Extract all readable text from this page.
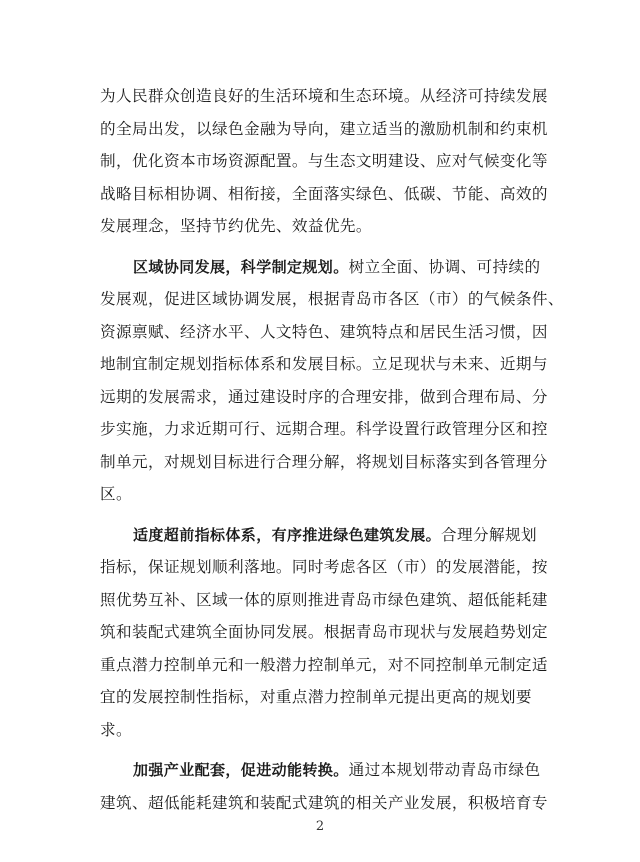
为人民群众创造良好的生活环境和生态环境。从经济可持续发展
的全局出发，以绿色金融为导向，建立适当的激励机制和约束机
制，优化资本市场资源配置。与生态文明建设、应对气候变化等
战略目标相协调、相衔接，全面落实绿色、低碳、节能、高效的
发展理念，坚持节约优先、效益优先。
区域协同发展，科学制定规划。树立全面、协调、可持续的
发展观，促进区域协调发展，根据青岛市各区（市）的气候条件、
资源禀赋、经济水平、人文特色、建筑特点和居民生活习惯，因
地制宜制定规划指标体系和发展目标。立足现状与未来、近期与
远期的发展需求，通过建设时序的合理安排，做到合理布局、分
步实施，力求近期可行、远期合理。科学设置行政管理分区和控
制单元，对规划目标进行合理分解，将规划目标落实到各管理分
区。
适度超前指标体系，有序推进绿色建筑发展。合理分解规划
指标，保证规划顺利落地。同时考虑各区（市）的发展潜能，按
照优势互补、区域一体的原则推进青岛市绿色建筑、超低能耗建
筑和装配式建筑全面协同发展。根据青岛市现状与发展趋势划定
重点潜力控制单元和一般潜力控制单元，对不同控制单元制定适
宜的发展控制性指标，对重点潜力控制单元提出更高的规划要
求。
加强产业配套，促进动能转换。通过本规划带动青岛市绿色
建筑、超低能耗建筑和装配式建筑的相关产业发展，积极培育专
2
